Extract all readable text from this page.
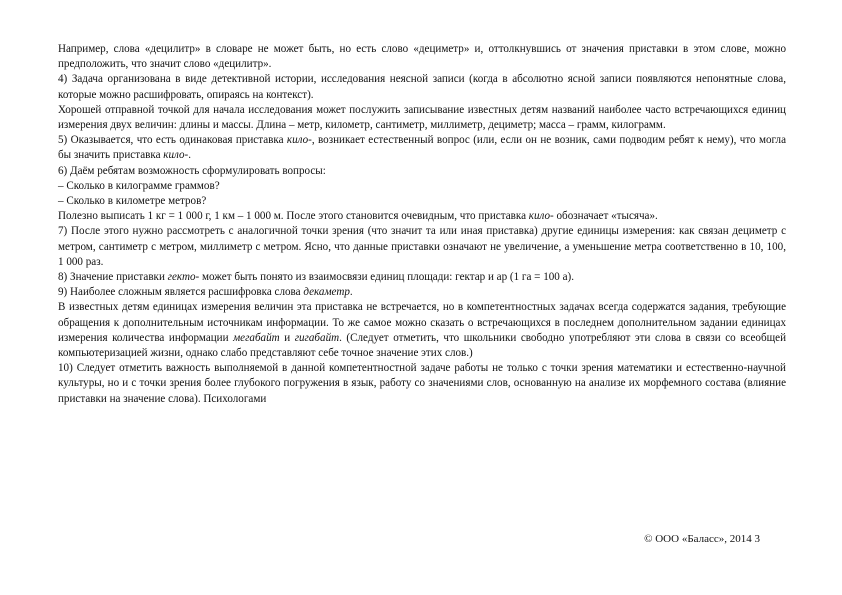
Например, слова «децилитр» в словаре не может быть, но есть слово «дециметр» и, оттолкнувшись от значения приставки в этом слове, можно предположить, что значит слово «децилитр».

4) Задача организована в виде детективной истории, исследования неясной записи (когда в абсолютно ясной записи появляются непонятные слова, которые можно расшифровать, опираясь на контекст).

Хорошей отправной точкой для начала исследования может послужить записывание известных детям названий наиболее часто встречающихся единиц измерения двух величин: длины и массы. Длина – метр, километр, сантиметр, миллиметр, дециметр; масса – грамм, килограмм.

5) Оказывается, что есть одинаковая приставка кило-, возникает естественный вопрос (или, если он не возник, сами подводим ребят к нему), что могла бы значить приставка кило-.

6) Даём ребятам возможность сформулировать вопросы:

– Сколько в килограмме граммов?

– Сколько в километре метров?

Полезно выписать 1 кг = 1 000 г, 1 км – 1 000 м. После этого становится очевидным, что приставка кило- обозначает «тысяча».

7) После этого нужно рассмотреть с аналогичной точки зрения (что значит та или иная приставка) другие единицы измерения: как связан дециметр с метром, сантиметр с метром, миллиметр с метром. Ясно, что данные приставки означают не увеличение, а уменьшение метра соответственно в 10, 100, 1 000 раз.

8) Значение приставки гекто- может быть понято из взаимосвязи единиц площади: гектар и ар (1 га = 100 а).

9) Наиболее сложным является расшифровка слова декаметр.

В известных детям единицах измерения величин эта приставка не встречается, но в компетентностных задачах всегда содержатся задания, требующие обращения к дополнительным источникам информации. То же самое можно сказать о встречающихся в последнем дополнительном задании единицах измерения количества информации мегабайт и гигабайт. (Следует отметить, что школьники свободно употребляют эти слова в связи со всеобщей компьютеризацией жизни, однако слабо представляют себе точное значение этих слов.)

10) Следует отметить важность выполняемой в данной компетентностной задаче работы не только с точки зрения математики и естественно-научной культуры, но и с точки зрения более глубокого погружения в язык, работу со значениями слов, основанную на анализе их морфемного состава (влияние приставки на значение слова). Психологами

© ООО «Баласс», 2014 3
